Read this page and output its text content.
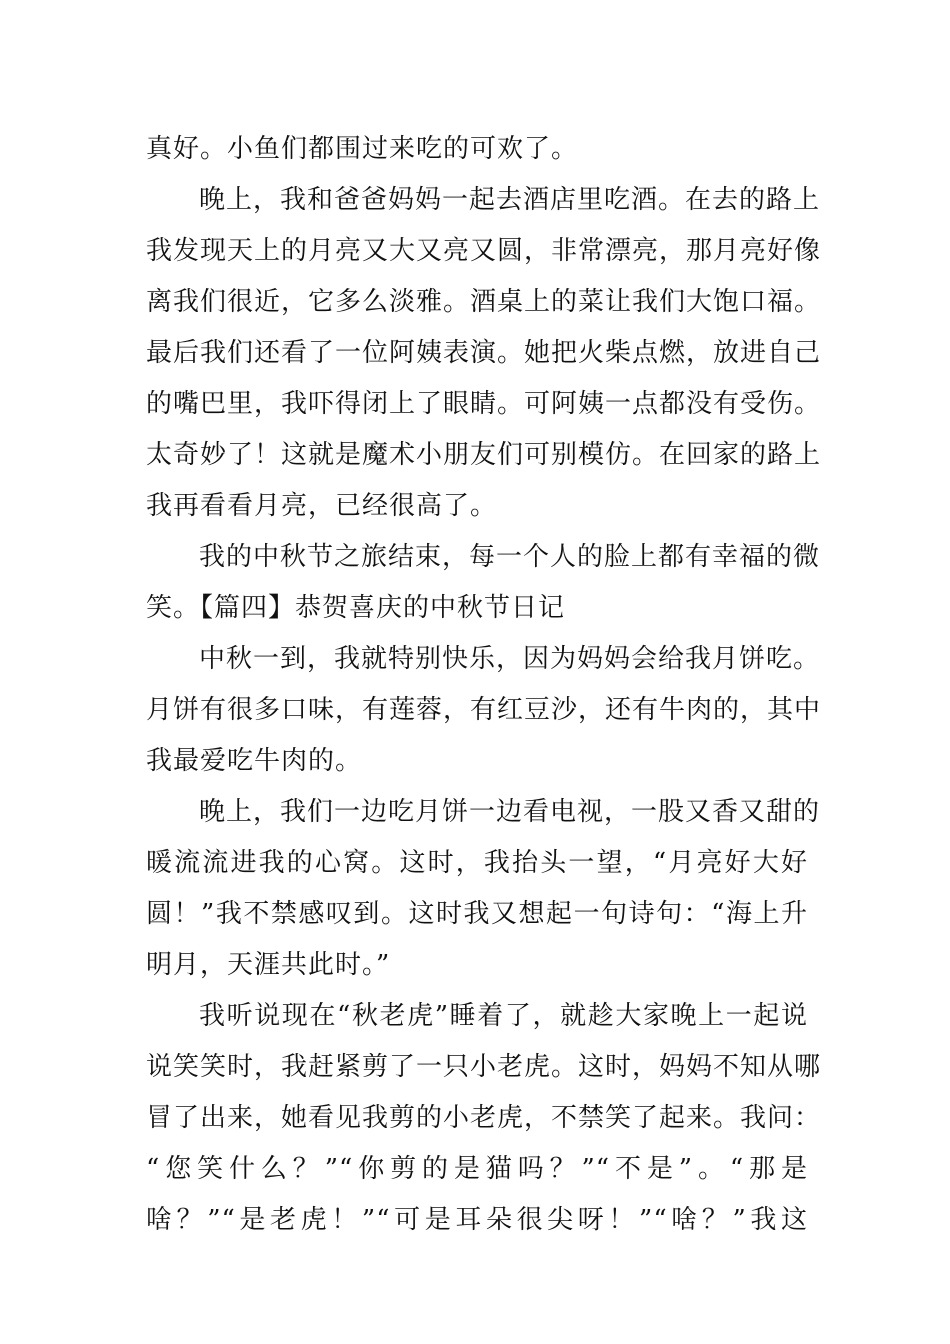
真好。小鱼们都围过来吃的可欢了。
晚上，我和爸爸妈妈一起去酒店里吃酒。在去的路上
我发现天上的月亮又大又亮又圆，非常漂亮，那月亮好像
离我们很近，它多么淡雅。酒桌上的菜让我们大饱口福。
最后我们还看了一位阿姨表演。她把火柴点燃，放进自己
的嘴巴里，我吓得闭上了眼睛。可阿姨一点都没有受伤。
太奇妙了！这就是魔术小朋友们可别模仿。在回家的路上
我再看看月亮，已经很高了。
我的中秋节之旅结束，每一个人的脸上都有幸福的微
笑。【篇四】恭贺喜庆的中秋节日记
中秋一到，我就特别快乐，因为妈妈会给我月饼吃。
月饼有很多口味，有莲蓉，有红豆沙，还有牛肉的，其中
我最爱吃牛肉的。
晚上，我们一边吃月饼一边看电视，一股又香又甜的
暖流流进我的心窝。这时，我抬头一望，“月亮好大好
圆！”我不禁感叹到。这时我又想起一句诗句：“海上升
明月，天涯共此时。”
我听说现在“秋老虎”睡着了，就趁大家晚上一起说
说笑笑时，我赶紧剪了一只小老虎。这时，妈妈不知从哪
冒了出来，她看见我剪的小老虎，不禁笑了起来。我问：
“您笑什么？”“你剪的是猫吗？”“不是”。“那是
啥？”“是老虎！”“可是耳朵很尖呀！”“啥？”我这
